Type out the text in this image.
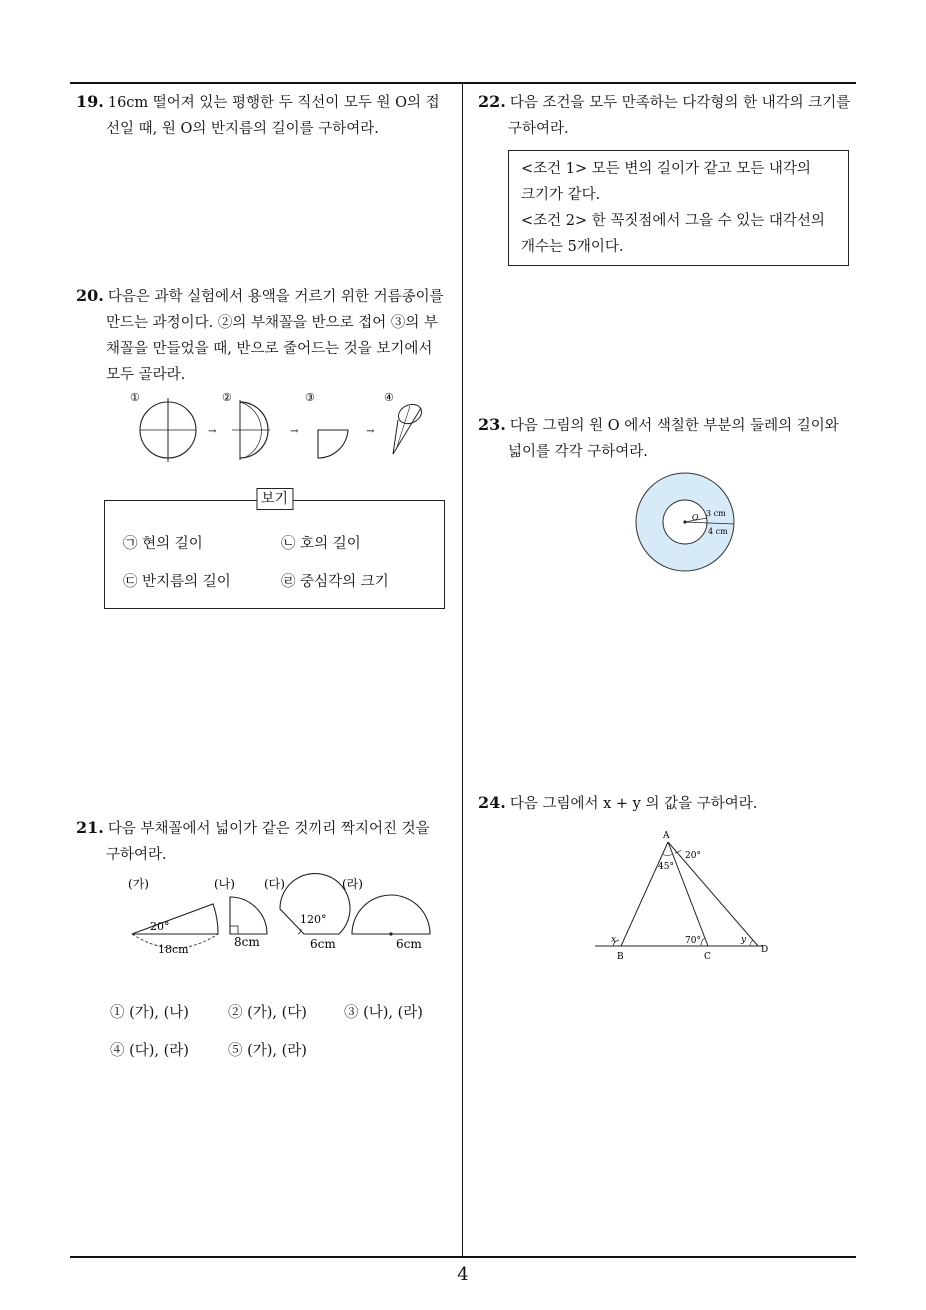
19. 16cm 떨어져 있는 평행한 두 직선이 모두 원 O의 접
선일 때, 원 O의 반지름의 길이를 구하여라.
20. 다음은 과학 실험에서 용액을 거르기 위한 거름종이를
만드는 과정이다. ②의 부채꼴을 반으로 접어 ③의 부
채꼴을 만들었을 때, 반으로 줄어드는 것을 보기에서
모두 골라라.
①	②	③	④
→	→	→
보기
㉠ 현의 길이	㉡ 호의 길이
㉢ 반지름의 길이	㉣ 중심각의 크기
21. 다음 부채꼴에서 넓이가 같은 것끼리 짝지어진 것을
구하여라.
(가)	(나) (다)	(라)
20°
18cm
8cm
120°
6cm	6cm
① (가), (나)	② (가), (다)	③ (나), (라)
④ (다), (라)	⑤ (가), (라)
22. 다음 조건을 모두 만족하는 다각형의 한 내각의 크기를
구하여라.
<조건 1> 모든 변의 길이가 같고 모든 내각의
크기가 같다.
<조건 2> 한 꼭짓점에서 그을 수 있는 대각선의
개수는 5개이다.
23. 다음 그림의 원 O 에서 색칠한 부분의 둘레의 길이와
넓이를 각각 구하여라.
O 3 cm
4 cm
24. 다음 그림에서 x + y 의 값을 구하여라.
A
B	C
D
45°
20°
70°
x	y
4
